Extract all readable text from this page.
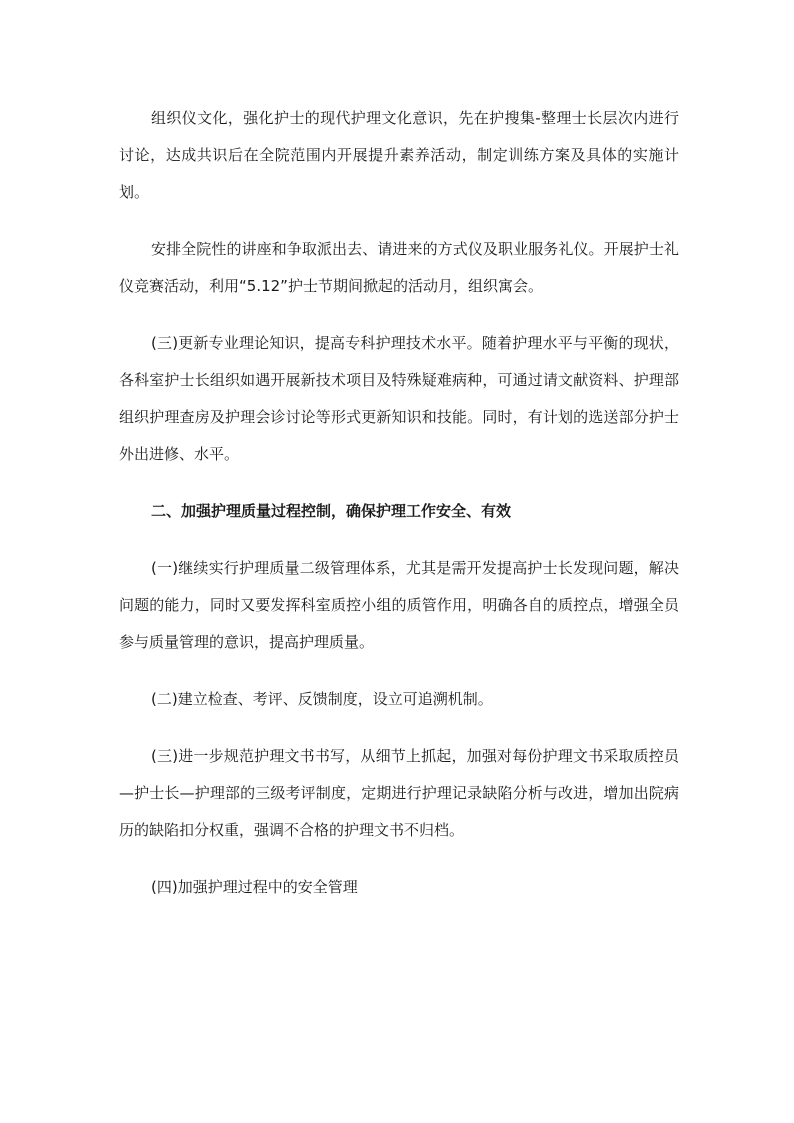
组织仪文化，强化护士的现代护理文化意识，先在护搜集-整理士长层次内进行讨论，达成共识后在全院范围内开展提升素养活动，制定训练方案及具体的实施计划。

安排全院性的讲座和争取派出去、请进来的方式仪及职业服务礼仪。开展护士礼仪竞赛活动，利用“5.12”护士节期间掀起的活动月，组织寓会。

(三)更新专业理论知识，提高专科护理技术水平。随着护理水平与平衡的现状，各科室护士长组织如遇开展新技术项目及特殊疑难病种，可通过请文献资料、护理部组织护理查房及护理会诊讨论等形式更新知识和技能。同时，有计划的选送部分护士外出进修、水平。

二、加强护理质量过程控制，确保护理工作安全、有效

(一)继续实行护理质量二级管理体系，尤其是需开发提高护士长发现问题，解决问题的能力，同时又要发挥科室质控小组的质管作用，明确各自的质控点，增强全员参与质量管理的意识，提高护理质量。

(二)建立检查、考评、反馈制度，设立可追溯机制。

(三)进一步规范护理文书书写，从细节上抓起，加强对每份护理文书采取质控员—护士长—护理部的三级考评制度，定期进行护理记录缺陷分析与改进，增加出院病历的缺陷扣分权重，强调不合格的护理文书不归档。

(四)加强护理过程中的安全管理
